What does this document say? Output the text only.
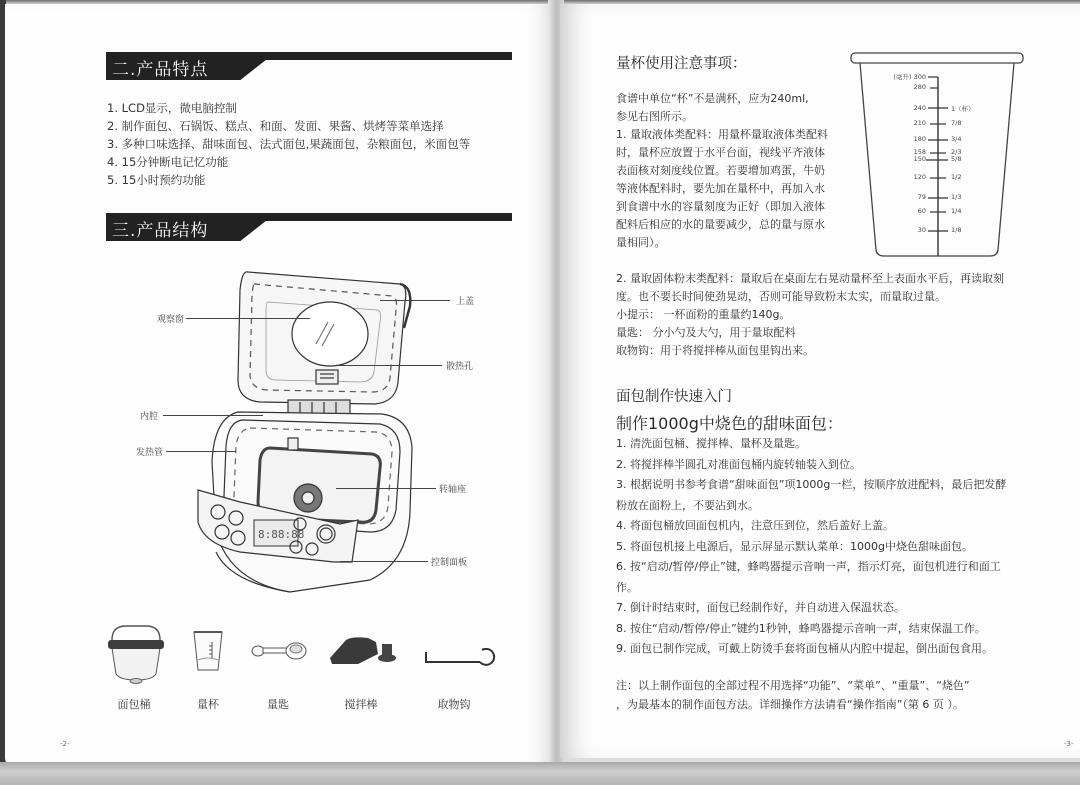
二.产品特点
1. LCD显示，微电脑控制
2. 制作面包、石锅饭、糕点、和面、发面、果酱、烘烤等菜单选择
3. 多种口味选择、甜味面包、法式面包,果蔬面包，杂粮面包，米面包等
4. 15分钟断电记忆功能
5. 15小时预约功能
三.产品结构
8:88:88
观察窗
上盖
散热孔
内腔
发热管
转轴座
控制面板
面包桶	量杯	量匙	搅拌棒	取物钩
-2-
量杯使用注意事项：
食谱中单位“杯”不是满杯，应为240ml,
参见右图所示。
1. 量取液体类配料：用量杯量取液体类配料
时，量杯应放置于水平台面，视线平齐液体
表面核对刻度线位置。若要增加鸡蛋，牛奶
等液体配料时，要先加在量杯中，再加入水
到食谱中水的容量刻度为正好（即加入液体
配料后相应的水的量要减少，总的量与原水
量相同）。
(毫升) 300
280
240
210
180
158
150
120
79
60
30
1（杯）
7/8
3/4
2/3
5/8
1/2
1/3
1/4
1/8
2. 量取固体粉末类配料：量取后在桌面左右晃动量杯至上表面水平后，再读取刻
度。也不要长时间使劲晃动，否则可能导致粉末太实，而量取过量。
小提示： 一杯面粉的重量约140g。
量匙： 分小勺及大勺，用于量取配料
取物钩：用于将搅拌棒从面包里钩出来。
面包制作快速入门
制作1000g中烧色的甜味面包：
1. 清洗面包桶、搅拌棒、量杯及量匙。
2. 将搅拌棒半圆孔对准面包桶内旋转轴装入到位。
3. 根据说明书参考食谱“甜味面包”项1000g一栏，按顺序放进配料，最后把发酵
粉放在面粉上，不要沾到水。
4. 将面包桶放回面包机内，注意压到位，然后盖好上盖。
5. 将面包机接上电源后，显示屏显示默认菜单：1000g中烧色甜味面包。
6. 按“启动/暂停/停止”键，蜂鸣器提示音响一声，指示灯亮，面包机进行和面工
作。
7. 倒计时结束时，面包已经制作好，并自动进入保温状态。
8. 按住“启动/暂停/停止”键约1秒钟，蜂鸣器提示音响一声，结束保温工作。
9. 面包已制作完成，可戴上防烫手套将面包桶从内腔中提起，倒出面包食用。
注：以上制作面包的全部过程不用选择“功能”、“菜单”、“重量”、“烧色”
，为最基本的制作面包方法。详细操作方法请看“操作指南”（第 6 页 ）。
-3-
